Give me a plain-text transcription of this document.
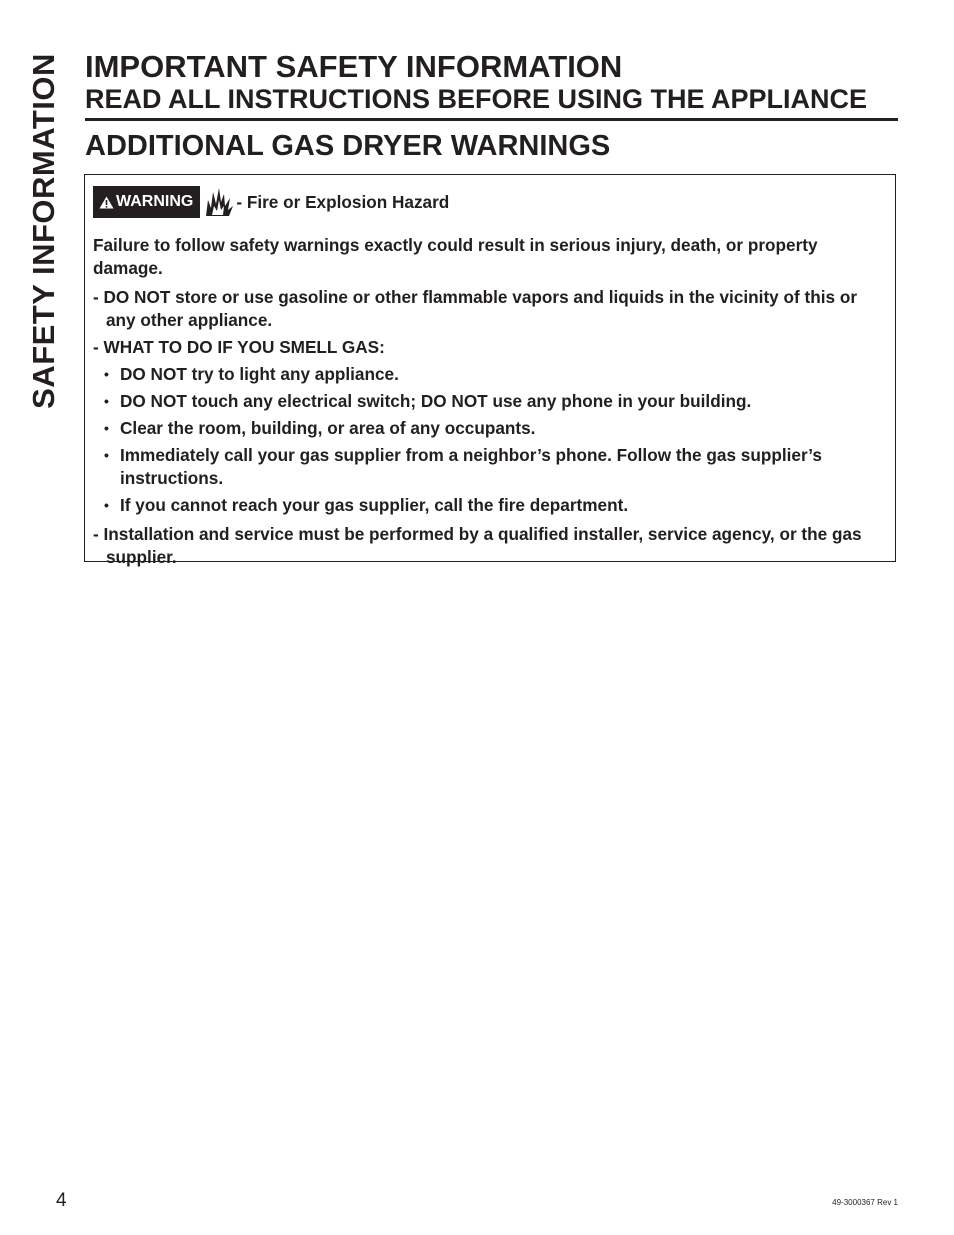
SAFETY INFORMATION IMPORTANT SAFETY INFORMATION
READ ALL INSTRUCTIONS BEFORE USING THE APPLIANCE
ADDITIONAL GAS DRYER WARNINGS
WARNING	- Fire or Explosion Hazard

Failure to follow safety warnings exactly could result in serious injury, death, or property damage.

- DO NOT store or use gasoline or other flammable vapors and liquids in the vicinity of this or any other appliance.

- WHAT TO DO IF YOU SMELL GAS:

• DO NOT try to light any appliance.
• DO NOT touch any electrical switch; DO NOT use any phone in your building.
• Clear the room, building, or area of any occupants.
• Immediately call your gas supplier from a neighbor’s phone. Follow the gas supplier’s instructions.
• If you cannot reach your gas supplier, call the fire department.

- Installation and service must be performed by a qualified installer, service agency, or the gas supplier.

4	49-3000367 Rev 1
